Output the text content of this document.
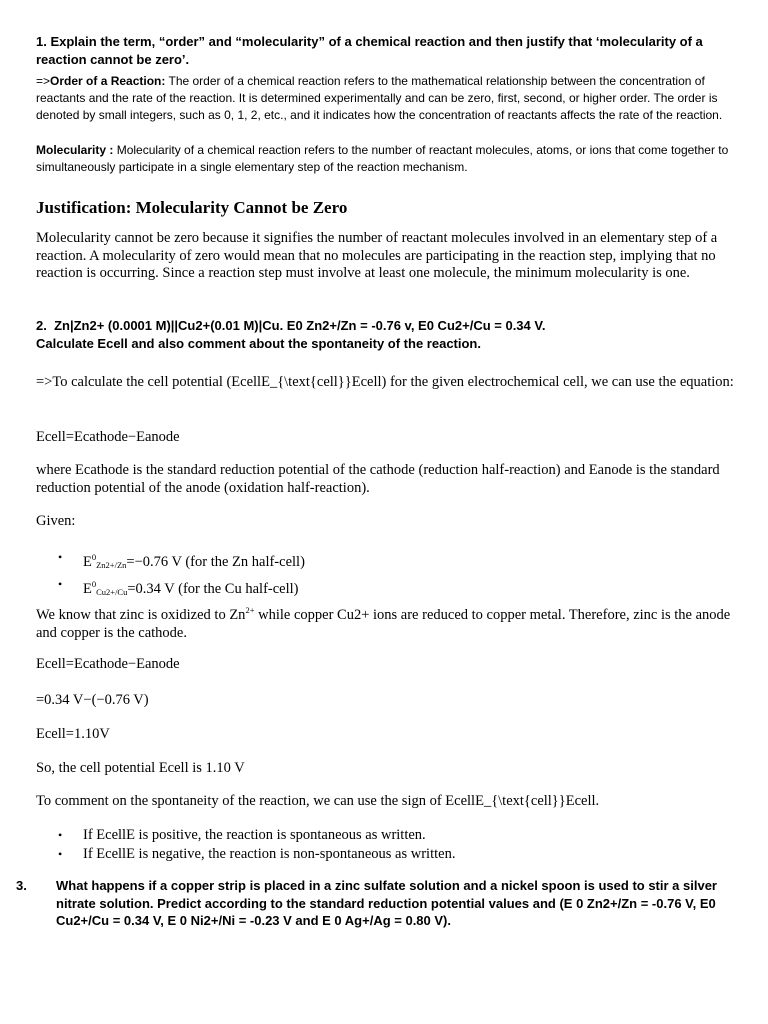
1. Explain the term, “order” and “molecularity” of a chemical reaction and then justify that ‘molecularity of a reaction cannot be zero’.

=>Order of a Reaction: The order of a chemical reaction refers to the mathematical relationship between the concentration of reactants and the rate of the reaction. It is determined experimentally and can be zero, first, second, or higher order. The order is denoted by small integers, such as 0, 1, 2, etc., and it indicates how the concentration of reactants affects the rate of the reaction.

Molecularity : Molecularity of a chemical reaction refers to the number of reactant molecules, atoms, or ions that come together to simultaneously participate in a single elementary step of the reaction mechanism.

Justification: Molecularity Cannot be Zero

Molecularity cannot be zero because it signifies the number of reactant molecules involved in an elementary step of a reaction. A molecularity of zero would mean that no molecules are participating in the reaction step, implying that no reaction is occurring. Since a reaction step must involve at least one molecule, the minimum molecularity is one.

2. Zn|Zn2+ (0.0001 M)||Cu2+(0.01 M)|Cu. E0 Zn2+/Zn = -0.76 v, E0 Cu2+/Cu = 0.34 V.
Calculate Ecell and also comment about the spontaneity of the reaction.

=>To calculate the cell potential (EcellE_{\text{cell}}Ecell) for the given electrochemical cell, we can use the equation:

Ecell=Ecathode−Eanode

where Ecathode is the standard reduction potential of the cathode (reduction half-reaction) and Eanode is the standard reduction potential of the anode (oxidation half-reaction).

Given:

• $E^0_{Zn2+/Zn}=-0.76$ V (for the Zn half-cell)
• $E^0_{Cu2+/Cu}=0.34$ V (for the Cu half-cell)

We know that zinc is oxidized to $Zn^{2+}$ while copper Cu2+ ions are reduced to copper metal. Therefore, zinc is the anode and copper is the cathode.

Ecell=Ecathode−Eanode

=0.34 V−(−0.76 V)

Ecell=1.10V

So, the cell potential Ecell is 1.10 V

To comment on the spontaneity of the reaction, we can use the sign of EcellE_{\text{cell}}Ecell.

• If EcellE is positive, the reaction is spontaneous as written.
• If EcellE is negative, the reaction is non-spontaneous as written.

3. What happens if a copper strip is placed in a zinc sulfate solution and a nickel spoon is used to stir a silver nitrate solution. Predict according to the standard reduction potential values and (E 0 Zn2+/Zn = -0.76 V, E0 Cu2+/Cu = 0.34 V, E 0 Ni2+/Ni = -0.23 V and E 0 Ag+/Ag = 0.80 V).
